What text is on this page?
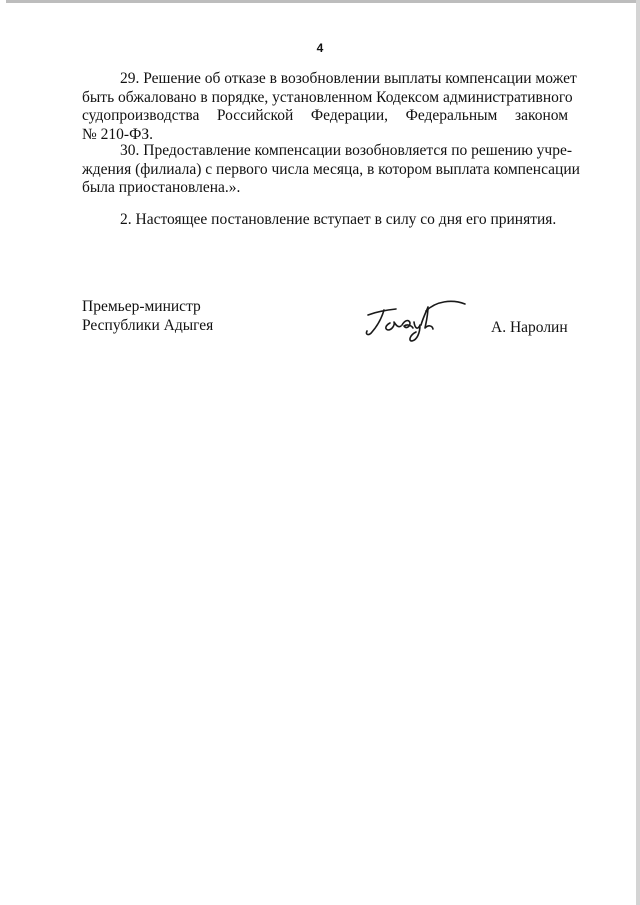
4
29. Решение об отказе в возобновлении выплаты компенсации может
быть обжаловано в порядке, установленном Кодексом административного
судопроизводства Российской Федерации, Федеральным законом
№ 210-ФЗ.
30. Предоставление компенсации возобновляется по решению учре-
ждения (филиала) с первого числа месяца, в котором выплата компенсации
была приостановлена.».
2. Настоящее постановление вступает в силу со дня его принятия.
Премьер-министр
Республики Адыгея	А. Наролин
